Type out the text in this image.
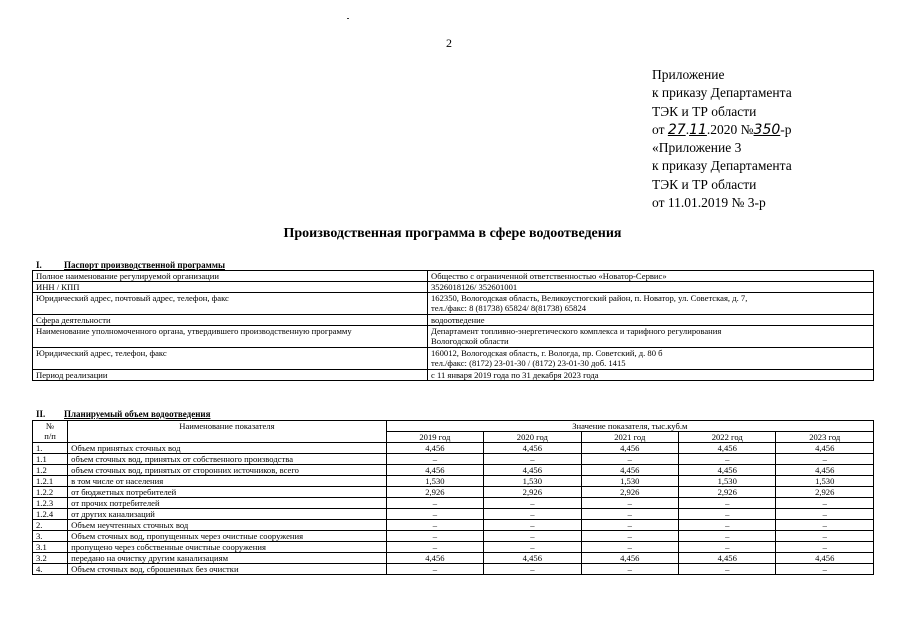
2
Приложение
к приказу Департамента
ТЭК и ТР области
от 27.11.2020 №350-р
«Приложение 3
к приказу Департамента
ТЭК и ТР области
от 11.01.2019 № 3-р
Производственная программа в сфере водоотведения
I. Паспорт производственной программы
Полное наименование регулируемой организации	Общество с ограниченной ответственностью «Новатор-Сервис»
ИНН / КПП	3526018126/ 352601001
Юридический адрес, почтовый адрес, телефон, факс	162350, Вологодская область, Великоустюгский район, п. Новатор, ул. Советская, д. 7,
тел./факс: 8 (81738) 65824/ 8(81738) 65824

Сфера деятельности	водоотведение
Наименование уполномоченного органа, утвердившего производственную программу	Департамент топливно-энергетического комплекса и тарифного регулирования
Вологодской области

Юридический адрес, телефон, факс	160012, Вологодская область, г. Вологда, пр. Советский, д. 80 б
тел./факс: (8172) 23-01-30 / (8172) 23-01-30 доб. 1415

Период реализации	с 11 января 2019 года по 31 декабря 2023 года
II. Планируемый объем водоотведения
№
п/п	Наименование показателя	Значение показателя, тыс.куб.м				
		2019 год	2020 год	2021 год	2022 год	2023 год
1.	Объем принятых сточных вод	4,456	4,456	4,456	4,456	4,456
1.1	объем сточных вод, принятых от собственного производства	–	–	–	–	–
1.2	объем сточных вод, принятых от сторонних источников, всего	4,456	4,456	4,456	4,456	4,456
1.2.1	в том числе от населения	1,530	1,530	1,530	1,530	1,530
1.2.2	от бюджетных потребителей	2,926	2,926	2,926	2,926	2,926
1.2.3	от прочих потребителей	–	–	–	–	–
1.2.4	от других канализаций	–	–	–	–	–
2.	Объем неучтенных сточных вод	–	–	–	–	–
3.	Объем сточных вод, пропущенных через очистные сооружения	–	–	–	–	–
3.1	пропущено через собственные очистные сооружения	–	–	–	–	–
3.2	передано на очистку другим канализациям	4,456	4,456	4,456	4,456	4,456
4.	Объем сточных вод, сброшенных без очистки	–	–	–	–	–
